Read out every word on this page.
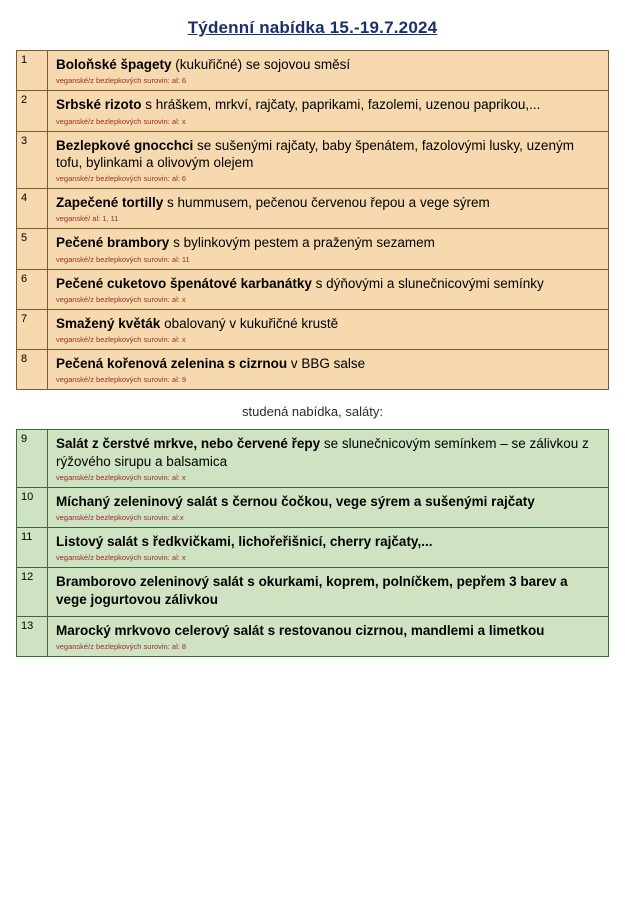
Týdenní nabídka 15.-19.7.2024
1	Boloňské špagety (kukuřičné) se sojovou směsí
veganské/z bezlepkových surovin: al: 6

2	Srbské rizoto s hráškem, mrkví, rajčaty, paprikami, fazolemi, uzenou paprikou,...
veganské/z bezlepkových surovin: al: x

3	Bezlepkové gnocchci se sušenými rajčaty, baby špenátem, fazolovými lusky, uzeným tofu, bylinkami a olivovým olejem
veganské/z bezlepkových surovin: al: 6

4	Zapečené tortilly s hummusem, pečenou červenou řepou a vege sýrem
veganské/ al: 1, 11

5	Pečené brambory s bylinkovým pestem a praženým sezamem
veganské/z bezlepkových surovin: al: 11

6	Pečené cuketovo špenátové karbanátky s dýňovými a slunečnicovými semínky
veganské/z bezlepkových surovin: al: x

7	Smažený květák obalovaný v kukuřičné krustě
veganské/z bezlepkových surovin: al: x

8	Pečená kořenová zelenina s cizrnou v BBG salse
veganské/z bezlepkových surovin: al: 9
studená nabídka, saláty:
9	Salát z čerstvé mrkve, nebo červené řepy se slunečnicovým semínkem – se zálivkou z rýžového sirupu a balsamica
veganské/z bezlepkových surovin: al: x

10	Míchaný zeleninový salát s černou čočkou, vege sýrem a sušenými rajčaty
veganské/z bezlepkových surovin: al:x

11	Listový salát s ředkvičkami, lichořeřišnicí, cherry rajčaty,...
veganské/z bezlepkových surovin: al: x

12	Bramborovo zeleninový salát s okurkami, koprem, polníčkem, pepřem 3 barev a vege jogurtovou zálivkou

13	Marocký mrkvovo celerový salát s restovanou cizrnou, mandlemi a limetkou
veganské/z bezlepkových surovin: al: 8
